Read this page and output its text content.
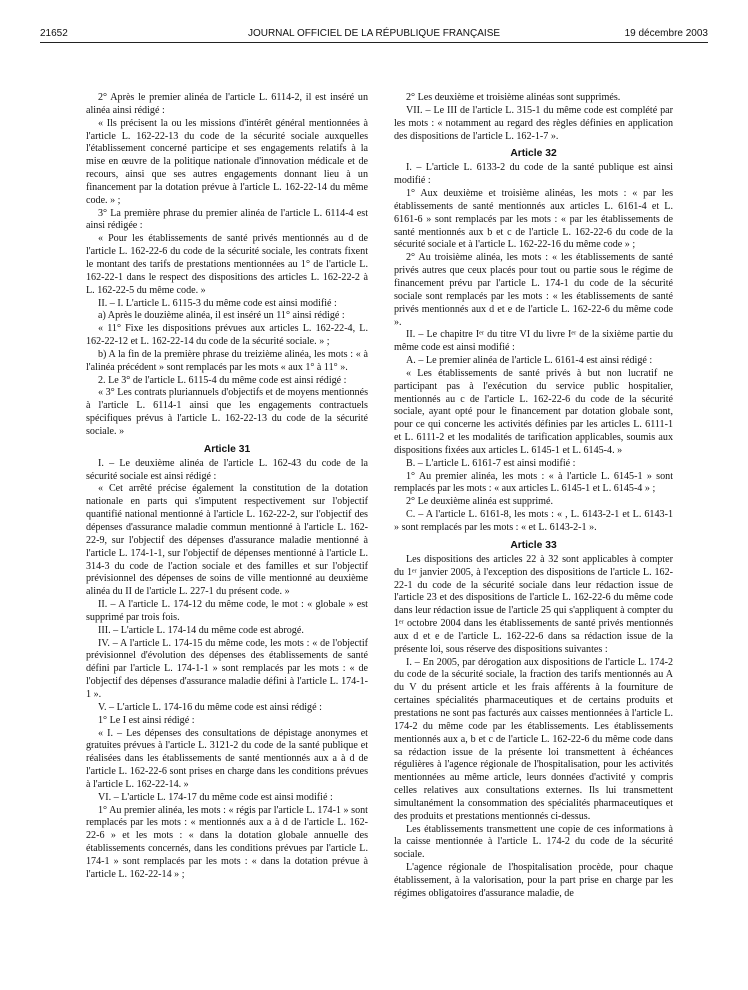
21652	JOURNAL OFFICIEL DE LA RÉPUBLIQUE FRANÇAISE	19 décembre 2003

2° Après le premier alinéa de l'article L. 6114-2, il est inséré un alinéa ainsi rédigé :

« Ils précisent la ou les missions d'intérêt général mentionnées à l'article L. 162-22-13 du code de la sécurité sociale auxquelles l'établissement concerné participe et ses engagements relatifs à la mise en œuvre de la politique nationale d'innovation médicale et de recours, ainsi que ses autres engagements donnant lieu à un financement par la dotation prévue à l'article L. 162-22-14 du même code. » ;

3° La première phrase du premier alinéa de l'article L. 6114-4 est ainsi rédigée :

« Pour les établissements de santé privés mentionnés au d de l'article L. 162-22-6 du code de la sécurité sociale, les contrats fixent le montant des tarifs de prestations mentionnées au 1° de l'article L. 162-22-1 dans le respect des dispositions des articles L. 162-22-2 à L. 162-22-5 du même code. »

II. – I. L'article L. 6115-3 du même code est ainsi modifié :

a) Après le douzième alinéa, il est inséré un 11° ainsi rédigé :

« 11° Fixe les dispositions prévues aux articles L. 162-22-4, L. 162-22-12 et L. 162-22-14 du code de la sécurité sociale. » ;

b) A la fin de la première phrase du treizième alinéa, les mots : « à l'alinéa précédent » sont remplacés par les mots « aux 1° à 11° ».

2. Le 3° de l'article L. 6115-4 du même code est ainsi rédigé :

« 3° Les contrats pluriannuels d'objectifs et de moyens mentionnés à l'article L. 6114-1 ainsi que les engagements contractuels spécifiques prévus à l'article L. 162-22-13 du code de la sécurité sociale. »

Article 31

I. – Le deuxième alinéa de l'article L. 162-43 du code de la sécurité sociale est ainsi rédigé :

« Cet arrêté précise également la constitution de la dotation nationale en parts qui s'imputent respectivement sur l'objectif quantifié national mentionné à l'article L. 162-22-2, sur l'objectif des dépenses d'assurance maladie commun mentionné à l'article L. 162-22-9, sur l'objectif des dépenses d'assurance maladie mentionné à l'article L. 174-1-1, sur l'objectif de dépenses mentionné à l'article L. 314-3 du code de l'action sociale et des familles et sur l'objectif prévisionnel des dépenses de soins de ville mentionné au deuxième alinéa du II de l'article L. 227-1 du présent code. »

II. – A l'article L. 174-12 du même code, le mot : « globale » est supprimé par trois fois.

III. – L'article L. 174-14 du même code est abrogé.

IV. – A l'article L. 174-15 du même code, les mots : « de l'objectif prévisionnel d'évolution des dépenses des établissements de santé défini par l'article L. 174-1-1 » sont remplacés par les mots : « de l'objectif des dépenses d'assurance maladie défini à l'article L. 174-1-1 ».

V. – L'article L. 174-16 du même code est ainsi rédigé :

1° Le I est ainsi rédigé :

« I. – Les dépenses des consultations de dépistage anonymes et gratuites prévues à l'article L. 3121-2 du code de la santé publique et réalisées dans les établissements de santé mentionnés aux a à d de l'article L. 162-22-6 sont prises en charge dans les conditions prévues à l'article L. 162-22-14. »

VI. – L'article L. 174-17 du même code est ainsi modifié :

1° Au premier alinéa, les mots : « régis par l'article L. 174-1 » sont remplacés par les mots : « mentionnés aux a à d de l'article L. 162-22-6 » et les mots : « dans la dotation globale annuelle des établissements concernés, dans les conditions prévues par l'article L. 174-1 » sont remplacés par les mots : « dans la dotation prévue à l'article L. 162-22-14 » ;

2° Les deuxième et troisième alinéas sont supprimés.

VII. – Le III de l'article L. 315-1 du même code est complété par les mots : « notamment au regard des règles définies en application des dispositions de l'article L. 162-1-7 ».

Article 32

I. – L'article L. 6133-2 du code de la santé publique est ainsi modifié :

1° Aux deuxième et troisième alinéas, les mots : « par les établissements de santé mentionnés aux articles L. 6161-4 et L. 6161-6 » sont remplacés par les mots : « par les établissements de santé mentionnés aux b et c de l'article L. 162-22-6 du code de la sécurité sociale et à l'article L. 162-22-16 du même code » ;

2° Au troisième alinéa, les mots : « les établissements de santé privés autres que ceux placés pour tout ou partie sous le régime de financement prévu par l'article L. 174-1 du code de la sécurité sociale sont remplacés par les mots : « les établissements de santé privés mentionnés aux d et e de l'article L. 162-22-6 du même code ».

II. – Le chapitre Iᵉʳ du titre VI du livre Iᵉʳ de la sixième partie du même code est ainsi modifié :

A. – Le premier alinéa de l'article L. 6161-4 est ainsi rédigé :

« Les établissements de santé privés à but non lucratif ne participant pas à l'exécution du service public hospitalier, mentionnés au c de l'article L. 162-22-6 du code de la sécurité sociale, ayant opté pour le financement par dotation globale sont, pour ce qui concerne les activités définies par les articles L. 6111-1 et L. 6111-2 et les modalités de tarification applicables, soumis aux dispositions fixées aux articles L. 6145-1 et L. 6145-4. »

B. – L'article L. 6161-7 est ainsi modifié :

1° Au premier alinéa, les mots : « à l'article L. 6145-1 » sont remplacés par les mots : « aux articles L. 6145-1 et L. 6145-4 » ;

2° Le deuxième alinéa est supprimé.

C. – A l'article L. 6161-8, les mots : « , L. 6143-2-1 et L. 6143-1 » sont remplacés par les mots : « et L. 6143-2-1 ».

Article 33

Les dispositions des articles 22 à 32 sont applicables à compter du 1ᵉʳ janvier 2005, à l'exception des dispositions de l'article L. 162-22-1 du code de la sécurité sociale dans leur rédaction issue de l'article 23 et des dispositions de l'article L. 162-22-6 du même code dans leur rédaction issue de l'article 25 qui s'appliquent à compter du 1ᵉʳ octobre 2004 dans les établissements de santé privés mentionnés aux d et e de l'article L. 162-22-6 dans sa rédaction issue de la présente loi, sous réserve des dispositions suivantes :

I. – En 2005, par dérogation aux dispositions de l'article L. 174-2 du code de la sécurité sociale, la fraction des tarifs mentionnés au A du V du présent article et les frais afférents à la fourniture de certaines spécialités pharmaceutiques et de certains produits et prestations ne sont pas facturés aux caisses mentionnées à l'article L. 174-2 du même code par les établissements. Les établissements mentionnés aux a, b et c de l'article L. 162-22-6 du même code dans sa rédaction issue de la présente loi transmettent à échéances régulières à l'agence régionale de l'hospitalisation, pour les activités mentionnées au même article, leurs données d'activité y compris celles relatives aux consultations externes. Ils lui transmettent simultanément la consommation des spécialités pharmaceutiques et des produits et prestations mentionnés ci-dessus.

Les établissements transmettent une copie de ces informations à la caisse mentionnée à l'article L. 174-2 du code de la sécurité sociale.

L'agence régionale de l'hospitalisation procède, pour chaque établissement, à la valorisation, pour la part prise en charge par les régimes obligatoires d'assurance maladie, de
